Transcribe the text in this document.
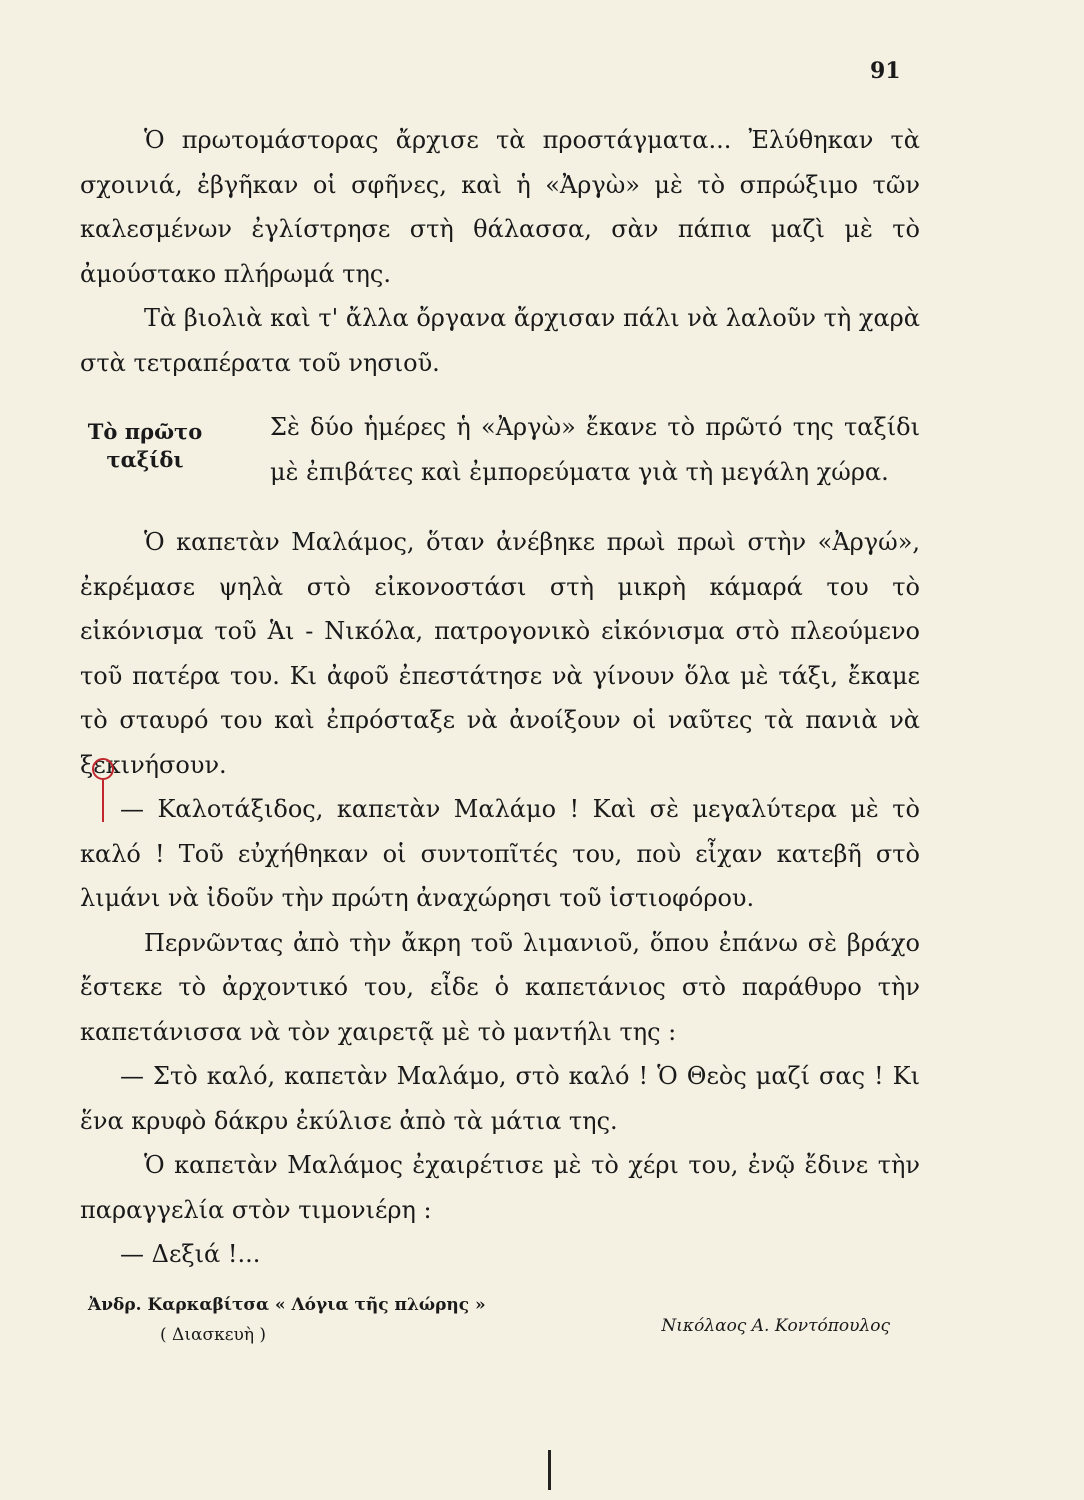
91

Ὁ πρωτομάστορας ἄρχισε τὰ προστάγματα... Ἐλύθηκαν τὰ σχοινιά, ἐβγῆκαν οἱ σφῆνες, καὶ ἡ «Ἀργὼ» μὲ τὸ σπρώξιμο τῶν καλεσμένων ἐγλίστρησε στὴ θάλασσα, σὰν πάπια μαζὶ μὲ τὸ ἀμούστακο πλήρωμά της.

Τὰ βιολιὰ καὶ τ' ἄλλα ὄργανα ἄρχισαν πάλι νὰ λαλοῦν τὴ χαρὰ στὰ τετραπέρατα τοῦ νησιοῦ.

Τὸ πρῶτο
ταξίδι

Σὲ δύο ἡμέρες ἡ «Ἀργὼ» ἔκανε τὸ πρῶτό της ταξίδι μὲ ἐπιβάτες καὶ ἐμπορεύματα γιὰ τὴ μεγάλη χώρα.

Ὁ καπετὰν Μαλάμος, ὅταν ἀνέβηκε πρωὶ πρωὶ στὴν «Ἀργώ», ἐκρέμασε ψηλὰ στὸ εἰκονοστάσι στὴ μικρὴ κάμαρά του τὸ εἰκόνισμα τοῦ Ἁι - Νικόλα, πατρογονικὸ εἰκόνισμα στὸ πλεούμενο τοῦ πατέρα του. Κι ἀφοῦ ἐπεστάτησε νὰ γίνουν ὅλα μὲ τάξι, ἔκαμε τὸ σταυρό του καὶ ἐπρόσταξε νὰ ἀνοίξουν οἱ ναῦτες τὰ πανιὰ νὰ ξεκινήσουν.

— Καλοτάξιδος, καπετὰν Μαλάμο ! Καὶ σὲ μεγαλύτερα μὲ τὸ καλό ! Τοῦ εὐχήθηκαν οἱ συντοπῖτές του, ποὺ εἶχαν κατεβῆ στὸ λιμάνι νὰ ἰδοῦν τὴν πρώτη ἀναχώρησι τοῦ ἱστιοφόρου.

Περνῶντας ἀπὸ τὴν ἄκρη τοῦ λιμανιοῦ, ὅπου ἐπάνω σὲ βράχο ἔστεκε τὸ ἀρχοντικό του, εἶδε ὁ καπετάνιος στὸ παράθυρο τὴν καπετάνισσα νὰ τὸν χαιρετᾷ μὲ τὸ μαντήλι της :

— Στὸ καλό, καπετὰν Μαλάμο, στὸ καλό ! Ὁ Θεὸς μαζί σας ! Κι ἕνα κρυφὸ δάκρυ ἐκύλισε ἀπὸ τὰ μάτια της.

Ὁ καπετὰν Μαλάμος ἐχαιρέτισε μὲ τὸ χέρι του, ἐνῷ ἔδινε τὴν παραγγελία στὸν τιμονιέρη :

— Δεξιά !...

Ἀνδρ. Καρκαβίτσα « Λόγια τῆς πλώρης »
( Διασκευὴ )	Νικόλαος Α. Κοντόπουλος
